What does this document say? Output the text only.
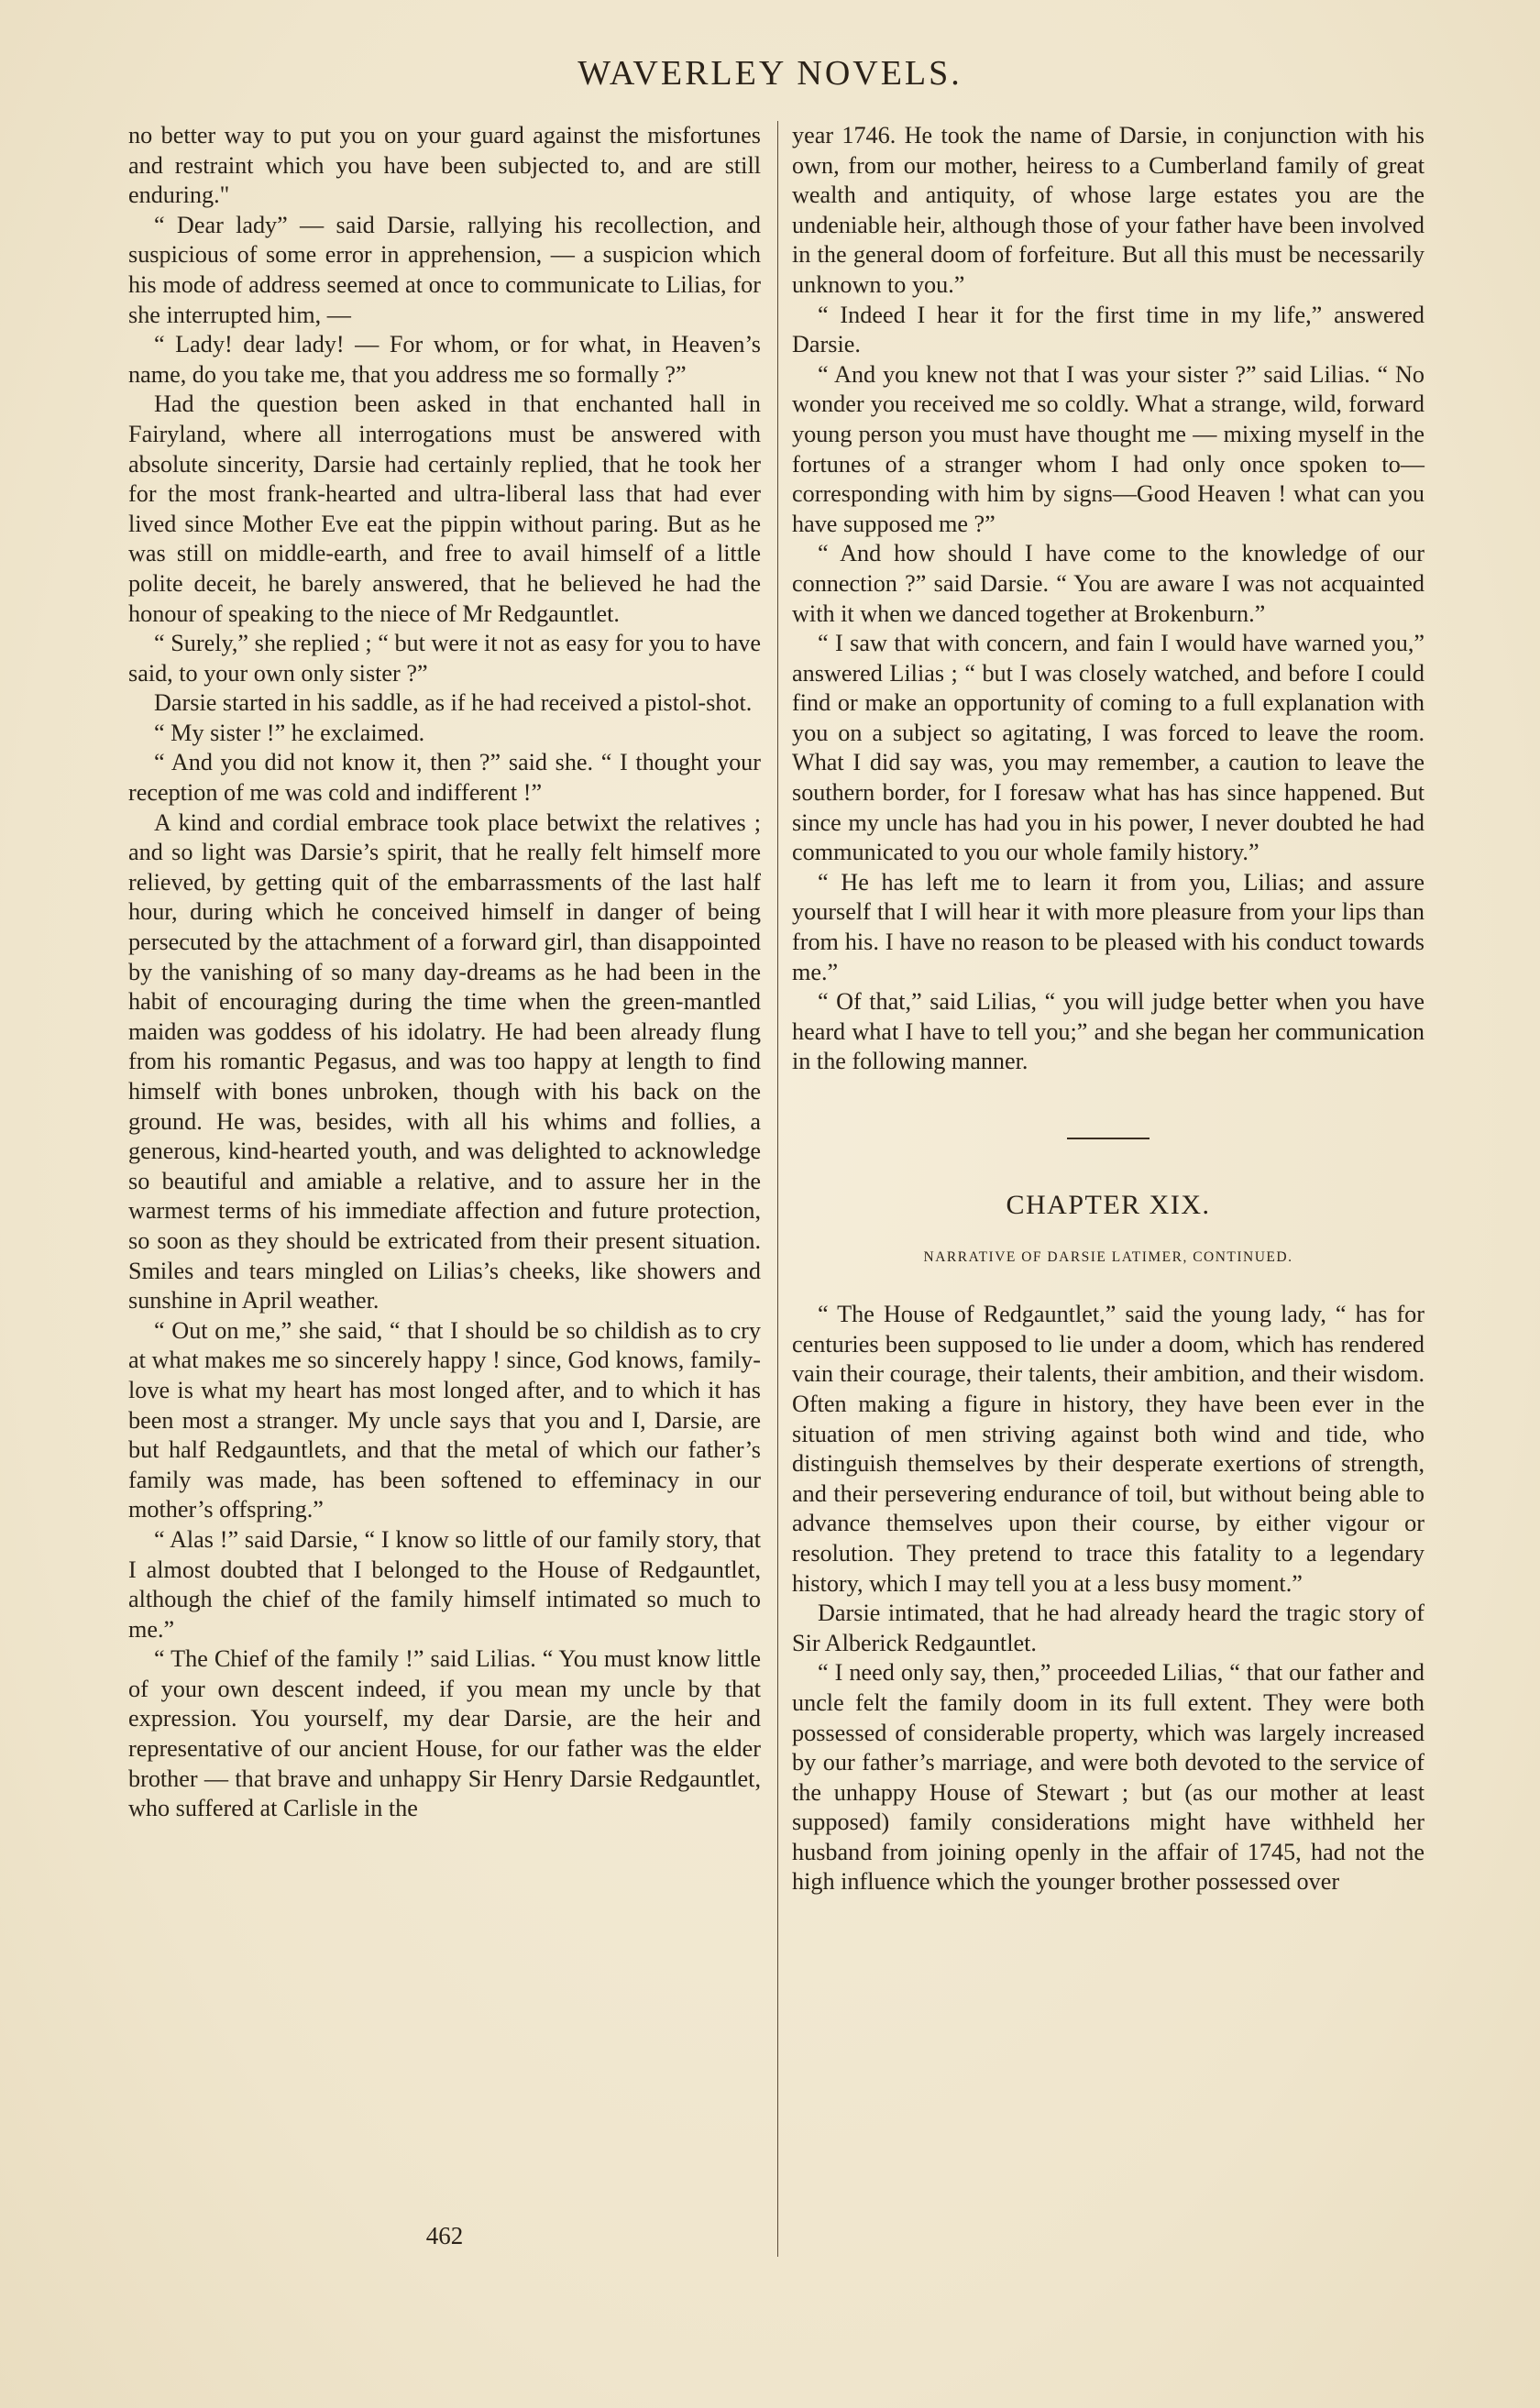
WAVERLEY NOVELS.

no better way to put you on your guard against the misfortunes and restraint which you have been subjected to, and are still enduring."

“ Dear lady” — said Darsie, rallying his recollection, and suspicious of some error in apprehension, — a suspicion which his mode of address seemed at once to communicate to Lilias, for she interrupted him, —

“ Lady! dear lady! — For whom, or for what, in Heaven’s name, do you take me, that you address me so formally ?”

Had the question been asked in that enchanted hall in Fairyland, where all interrogations must be answered with absolute sincerity, Darsie had certainly replied, that he took her for the most frank-hearted and ultra-liberal lass that had ever lived since Mother Eve eat the pippin without paring. But as he was still on middle-earth, and free to avail himself of a little polite deceit, he barely answered, that he believed he had the honour of speaking to the niece of Mr Redgauntlet.

“ Surely,” she replied ; “ but were it not as easy for you to have said, to your own only sister ?”

Darsie started in his saddle, as if he had received a pistol-shot.

“ My sister !” he exclaimed.

“ And you did not know it, then ?” said she. “ I thought your reception of me was cold and indifferent !”

A kind and cordial embrace took place betwixt the relatives ; and so light was Darsie’s spirit, that he really felt himself more relieved, by getting quit of the embarrassments of the last half hour, during which he conceived himself in danger of being persecuted by the attachment of a forward girl, than disappointed by the vanishing of so many day-dreams as he had been in the habit of encouraging during the time when the green-mantled maiden was goddess of his idolatry. He had been already flung from his romantic Pegasus, and was too happy at length to find himself with bones unbroken, though with his back on the ground. He was, besides, with all his whims and follies, a generous, kind-hearted youth, and was delighted to acknowledge so beautiful and amiable a relative, and to assure her in the warmest terms of his immediate affection and future protection, so soon as they should be extricated from their present situation. Smiles and tears mingled on Lilias’s cheeks, like showers and sunshine in April weather.

“ Out on me,” she said, “ that I should be so childish as to cry at what makes me so sincerely happy ! since, God knows, family-love is what my heart has most longed after, and to which it has been most a stranger. My uncle says that you and I, Darsie, are but half Redgauntlets, and that the metal of which our father’s family was made, has been softened to effeminacy in our mother’s offspring.”

“ Alas !” said Darsie, “ I know so little of our family story, that I almost doubted that I belonged to the House of Redgauntlet, although the chief of the family himself intimated so much to me.”

“ The Chief of the family !” said Lilias. “ You must know little of your own descent indeed, if you mean my uncle by that expression. You yourself, my dear Darsie, are the heir and representative of our ancient House, for our father was the elder brother — that brave and unhappy Sir Henry Darsie Redgauntlet, who suffered at Carlisle in the

year 1746. He took the name of Darsie, in conjunction with his own, from our mother, heiress to a Cumberland family of great wealth and antiquity, of whose large estates you are the undeniable heir, although those of your father have been involved in the general doom of forfeiture. But all this must be necessarily unknown to you.”

“ Indeed I hear it for the first time in my life,” answered Darsie.

“ And you knew not that I was your sister ?” said Lilias. “ No wonder you received me so coldly. What a strange, wild, forward young person you must have thought me — mixing myself in the fortunes of a stranger whom I had only once spoken to—corresponding with him by signs—Good Heaven ! what can you have supposed me ?”

“ And how should I have come to the knowledge of our connection ?” said Darsie. “ You are aware I was not acquainted with it when we danced together at Brokenburn.”

“ I saw that with concern, and fain I would have warned you,” answered Lilias ; “ but I was closely watched, and before I could find or make an opportunity of coming to a full explanation with you on a subject so agitating, I was forced to leave the room. What I did say was, you may remember, a caution to leave the southern border, for I foresaw what has has since happened. But since my uncle has had you in his power, I never doubted he had communicated to you our whole family history.”

“ He has left me to learn it from you, Lilias; and assure yourself that I will hear it with more pleasure from your lips than from his. I have no reason to be pleased with his conduct towards me.”

“ Of that,” said Lilias, “ you will judge better when you have heard what I have to tell you;” and she began her communication in the following manner.

CHAPTER XIX.
NARRATIVE OF DARSIE LATIMER, CONTINUED.

“ The House of Redgauntlet,” said the young lady, “ has for centuries been supposed to lie under a doom, which has rendered vain their courage, their talents, their ambition, and their wisdom. Often making a figure in history, they have been ever in the situation of men striving against both wind and tide, who distinguish themselves by their desperate exertions of strength, and their persevering endurance of toil, but without being able to advance themselves upon their course, by either vigour or resolution. They pretend to trace this fatality to a legendary history, which I may tell you at a less busy moment.”

Darsie intimated, that he had already heard the tragic story of Sir Alberick Redgauntlet.

“ I need only say, then,” proceeded Lilias, “ that our father and uncle felt the family doom in its full extent. They were both possessed of considerable property, which was largely increased by our father’s marriage, and were both devoted to the service of the unhappy House of Stewart ; but (as our mother at least supposed) family considerations might have withheld her husband from joining openly in the affair of 1745, had not the high influence which the younger brother possessed over

462
